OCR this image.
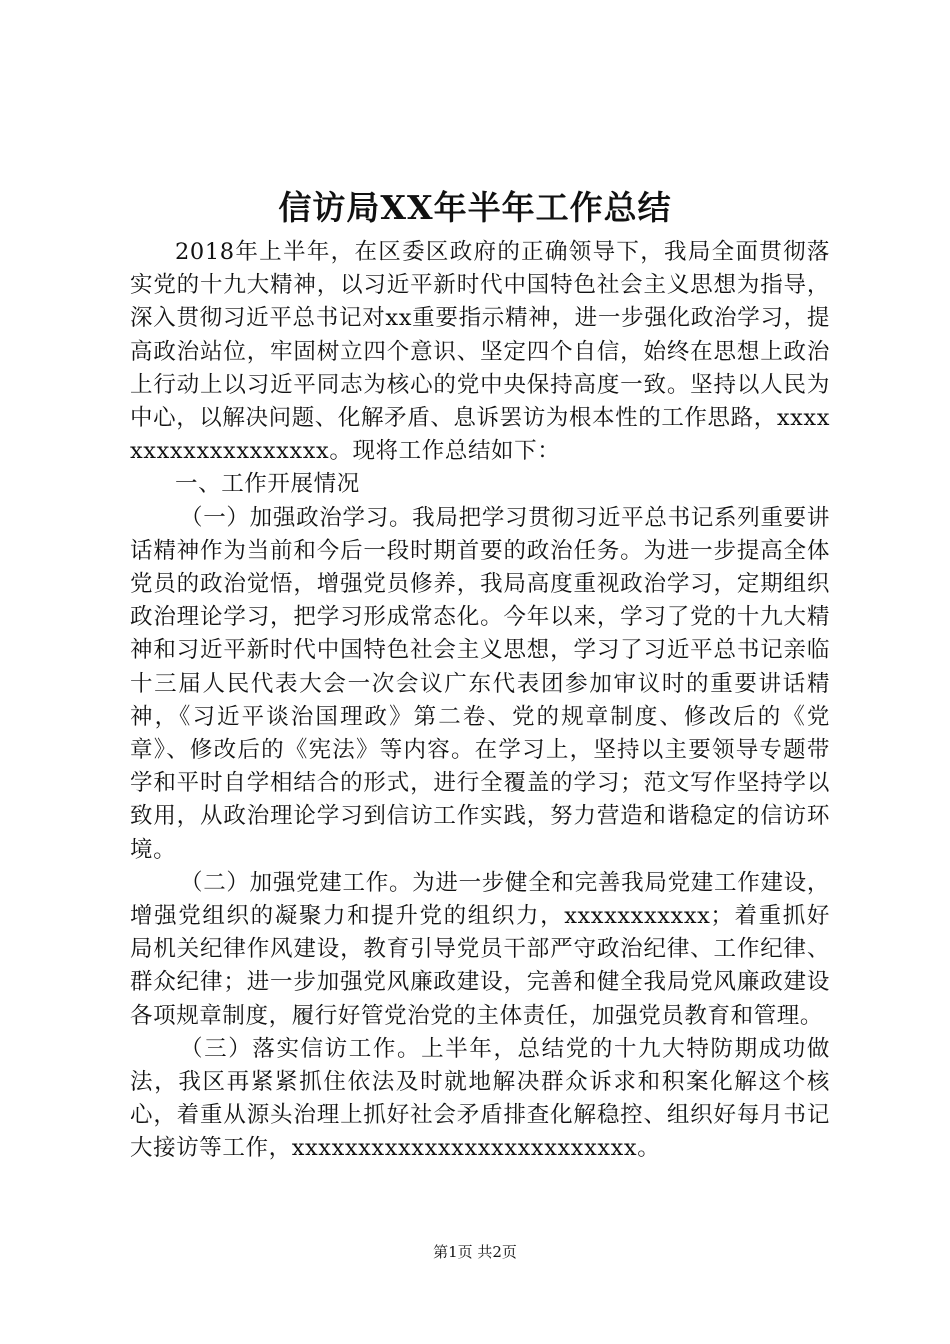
信访局XX年半年工作总结

2018年上半年，在区委区政府的正确领导下，我局全面贯彻落实党的十九大精神，以习近平新时代中国特色社会主义思想为指导，深入贯彻习近平总书记对xx重要指示精神，进一步强化政治学习，提高政治站位，牢固树立四个意识、坚定四个自信，始终在思想上政治上行动上以习近平同志为核心的党中央保持高度一致。坚持以人民为中心，以解决问题、化解矛盾、息诉罢访为根本性的工作思路，xxxxxxxxxxxxxxxxxxx。现将工作总结如下：

一、工作开展情况

（一）加强政治学习。我局把学习贯彻习近平总书记系列重要讲话精神作为当前和今后一段时期首要的政治任务。为进一步提高全体党员的政治觉悟，增强党员修养，我局高度重视政治学习，定期组织政治理论学习，把学习形成常态化。今年以来，学习了党的十九大精神和习近平新时代中国特色社会主义思想，学习了习近平总书记亲临十三届人民代表大会一次会议广东代表团参加审议时的重要讲话精神，《习近平谈治国理政》第二卷、党的规章制度、修改后的《党章》、修改后的《宪法》等内容。在学习上，坚持以主要领导专题带学和平时自学相结合的形式，进行全覆盖的学习；范文写作坚持学以致用，从政治理论学习到信访工作实践，努力营造和谐稳定的信访环境。

（二）加强党建工作。为进一步健全和完善我局党建工作建设，增强党组织的凝聚力和提升党的组织力，xxxxxxxxxxx；着重抓好局机关纪律作风建设，教育引导党员干部严守政治纪律、工作纪律、群众纪律；进一步加强党风廉政建设，完善和健全我局党风廉政建设各项规章制度，履行好管党治党的主体责任，加强党员教育和管理。

（三）落实信访工作。上半年，总结党的十九大特防期成功做法，我区再紧紧抓住依法及时就地解决群众诉求和积案化解这个核心，着重从源头治理上抓好社会矛盾排查化解稳控、组织好每月书记大接访等工作，xxxxxxxxxxxxxxxxxxxxxxxxxx。

第1页 共2页
